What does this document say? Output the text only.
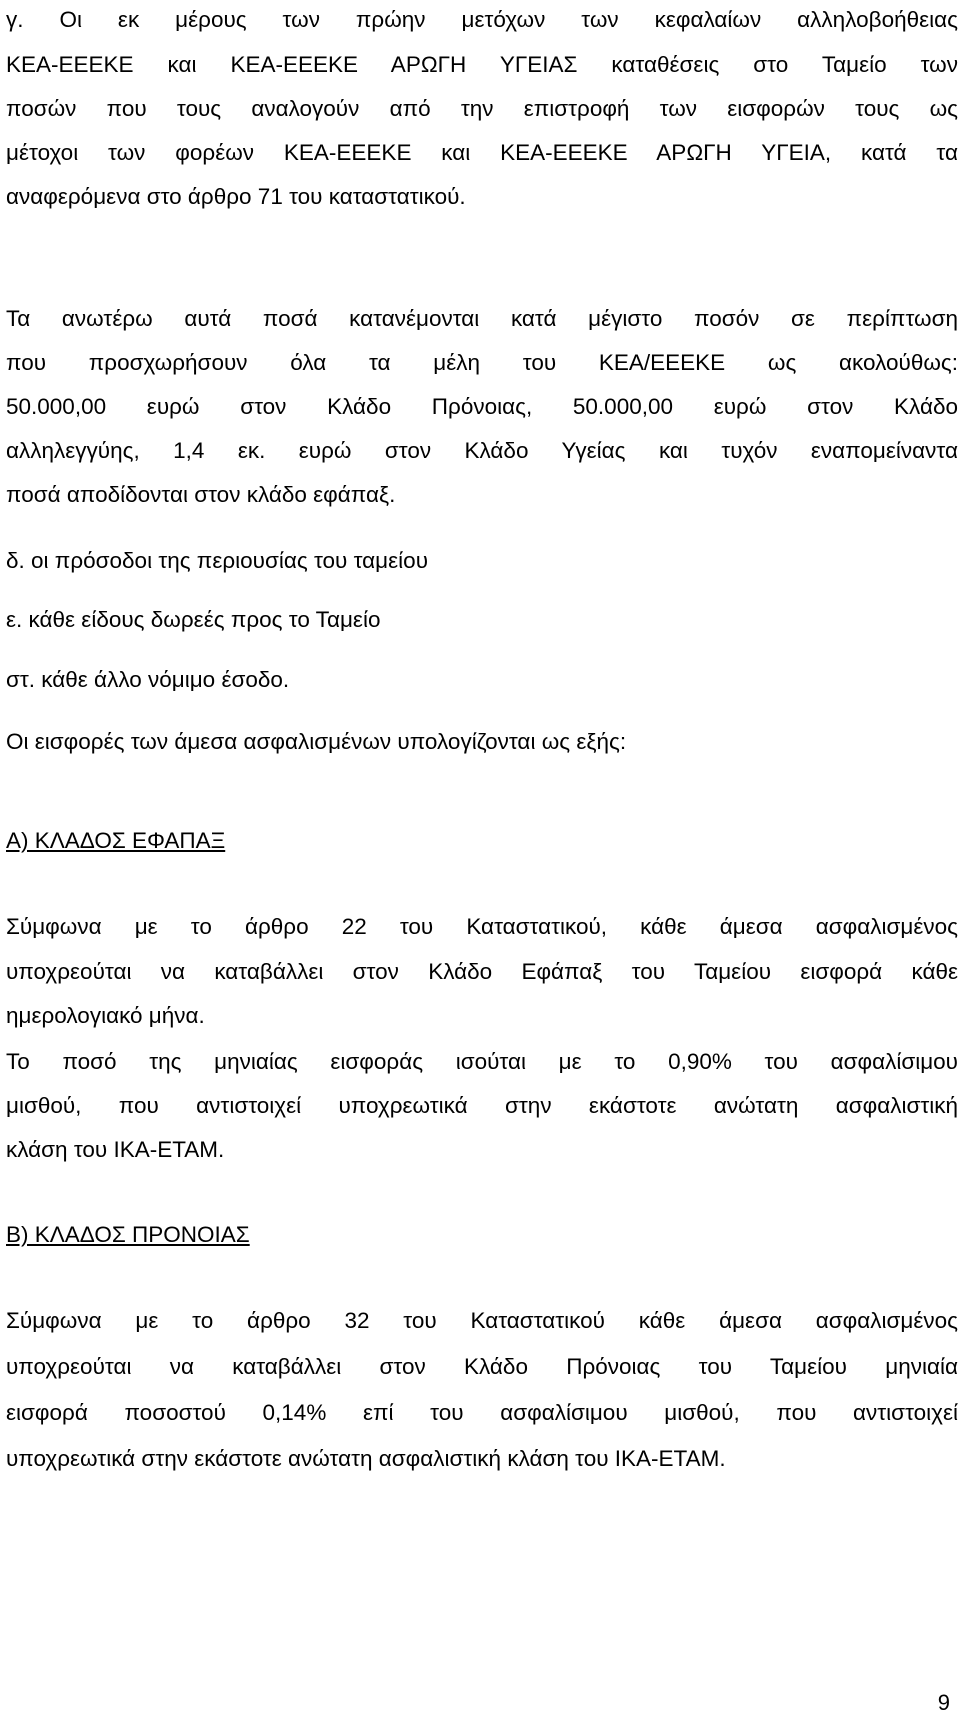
γ. Οι εκ μέρους των πρώην μετόχων των κεφαλαίων αλληλοβοήθειας
ΚΕΑ-ΕΕΕΚΕ και ΚΕΑ-ΕΕΕΚΕ ΑΡΩΓΗ ΥΓΕΙΑΣ καταθέσεις στο Ταμείο των
ποσών που τους αναλογούν από την επιστροφή των εισφορών τους ως
μέτοχοι των φορέων ΚΕΑ-ΕΕΕΚΕ και ΚΕΑ-ΕΕΕΚΕ ΑΡΩΓΗ ΥΓΕΙΑ, κατά τα
αναφερόμενα στο άρθρο 71 του καταστατικού.
Τα ανωτέρω αυτά ποσά κατανέμονται κατά μέγιστο ποσόν σε περίπτωση
που προσχωρήσουν όλα τα μέλη του ΚΕΑ/ΕΕΕΚΕ ως ακολούθως:
50.000,00 ευρώ στον Κλάδο Πρόνοιας, 50.000,00 ευρώ στον Κλάδο
αλληλεγγύης, 1,4 εκ. ευρώ στον Κλάδο Υγείας και τυχόν εναπομείναντα
ποσά αποδίδονται στον κλάδο εφάπαξ.
δ. οι πρόσοδοι της περιουσίας του ταμείου
ε. κάθε είδους δωρεές προς το Ταμείο
στ. κάθε άλλο νόμιμο έσοδο.
Οι εισφορές των άμεσα ασφαλισμένων υπολογίζονται ως εξής:
Α) ΚΛΑΔΟΣ ΕΦΑΠΑΞ
Σύμφωνα με το άρθρο 22 του Καταστατικού, κάθε άμεσα ασφαλισμένος
υποχρεούται να καταβάλλει στον Κλάδο Εφάπαξ του Ταμείου εισφορά κάθε
ημερολογιακό μήνα.
Το ποσό της μηνιαίας εισφοράς ισούται με το 0,90% του ασφαλίσιμου
μισθού, που αντιστοιχεί υποχρεωτικά στην εκάστοτε ανώτατη ασφαλιστική
κλάση του ΙΚΑ-ΕΤΑΜ.
Β) ΚΛΑΔΟΣ ΠΡΟΝΟΙΑΣ
Σύμφωνα με το άρθρο 32 του Καταστατικού κάθε άμεσα ασφαλισμένος
υποχρεούται να καταβάλλει στον Κλάδο Πρόνοιας του Ταμείου μηνιαία
εισφορά ποσοστού 0,14% επί του ασφαλίσιμου μισθού, που αντιστοιχεί
υποχρεωτικά στην εκάστοτε ανώτατη ασφαλιστική κλάση του ΙΚΑ-ΕΤΑΜ.
9
